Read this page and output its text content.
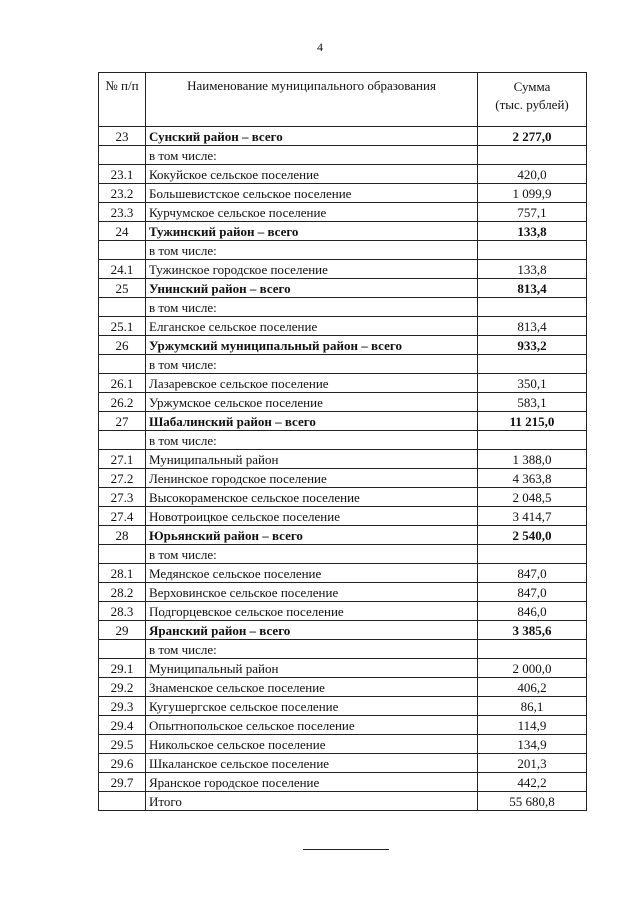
4
№ п/п	Наименование муниципального образования	Сумма
(тыс. рублей)

23	Сунский район – всего	2 277,0
	в том числе:	
23.1	Кокуйское сельское поселение	420,0
23.2	Большевистское сельское поселение	1 099,9
23.3	Курчумское сельское поселение	757,1
24	Тужинский район – всего	133,8
	в том числе:	
24.1	Тужинское городское поселение	133,8
25	Унинский район – всего	813,4
	в том числе:	
25.1	Елганское сельское поселение	813,4
26	Уржумский муниципальный район – всего	933,2
	в том числе:	
26.1	Лазаревское сельское поселение	350,1
26.2	Уржумское сельское поселение	583,1
27	Шабалинский район – всего	11 215,0
	в том числе:	
27.1	Муниципальный район	1 388,0
27.2	Ленинское городское поселение	4 363,8
27.3	Высокораменское сельское поселение	2 048,5
27.4	Новотроицкое сельское поселение	3 414,7
28	Юрьянский район – всего	2 540,0
	в том числе:	
28.1	Медянское сельское поселение	847,0
28.2	Верховинское сельское поселение	847,0
28.3	Подгорцевское сельское поселение	846,0
29	Яранский район – всего	3 385,6
	в том числе:	
29.1	Муниципальный район	2 000,0
29.2	Знаменское сельское поселение	406,2
29.3	Кугушергское сельское поселение	86,1
29.4	Опытнопольское сельское поселение	114,9
29.5	Никольское сельское поселение	134,9
29.6	Шкаланское сельское поселение	201,3
29.7	Яранское городское поселение	442,2
	Итого	55 680,8
